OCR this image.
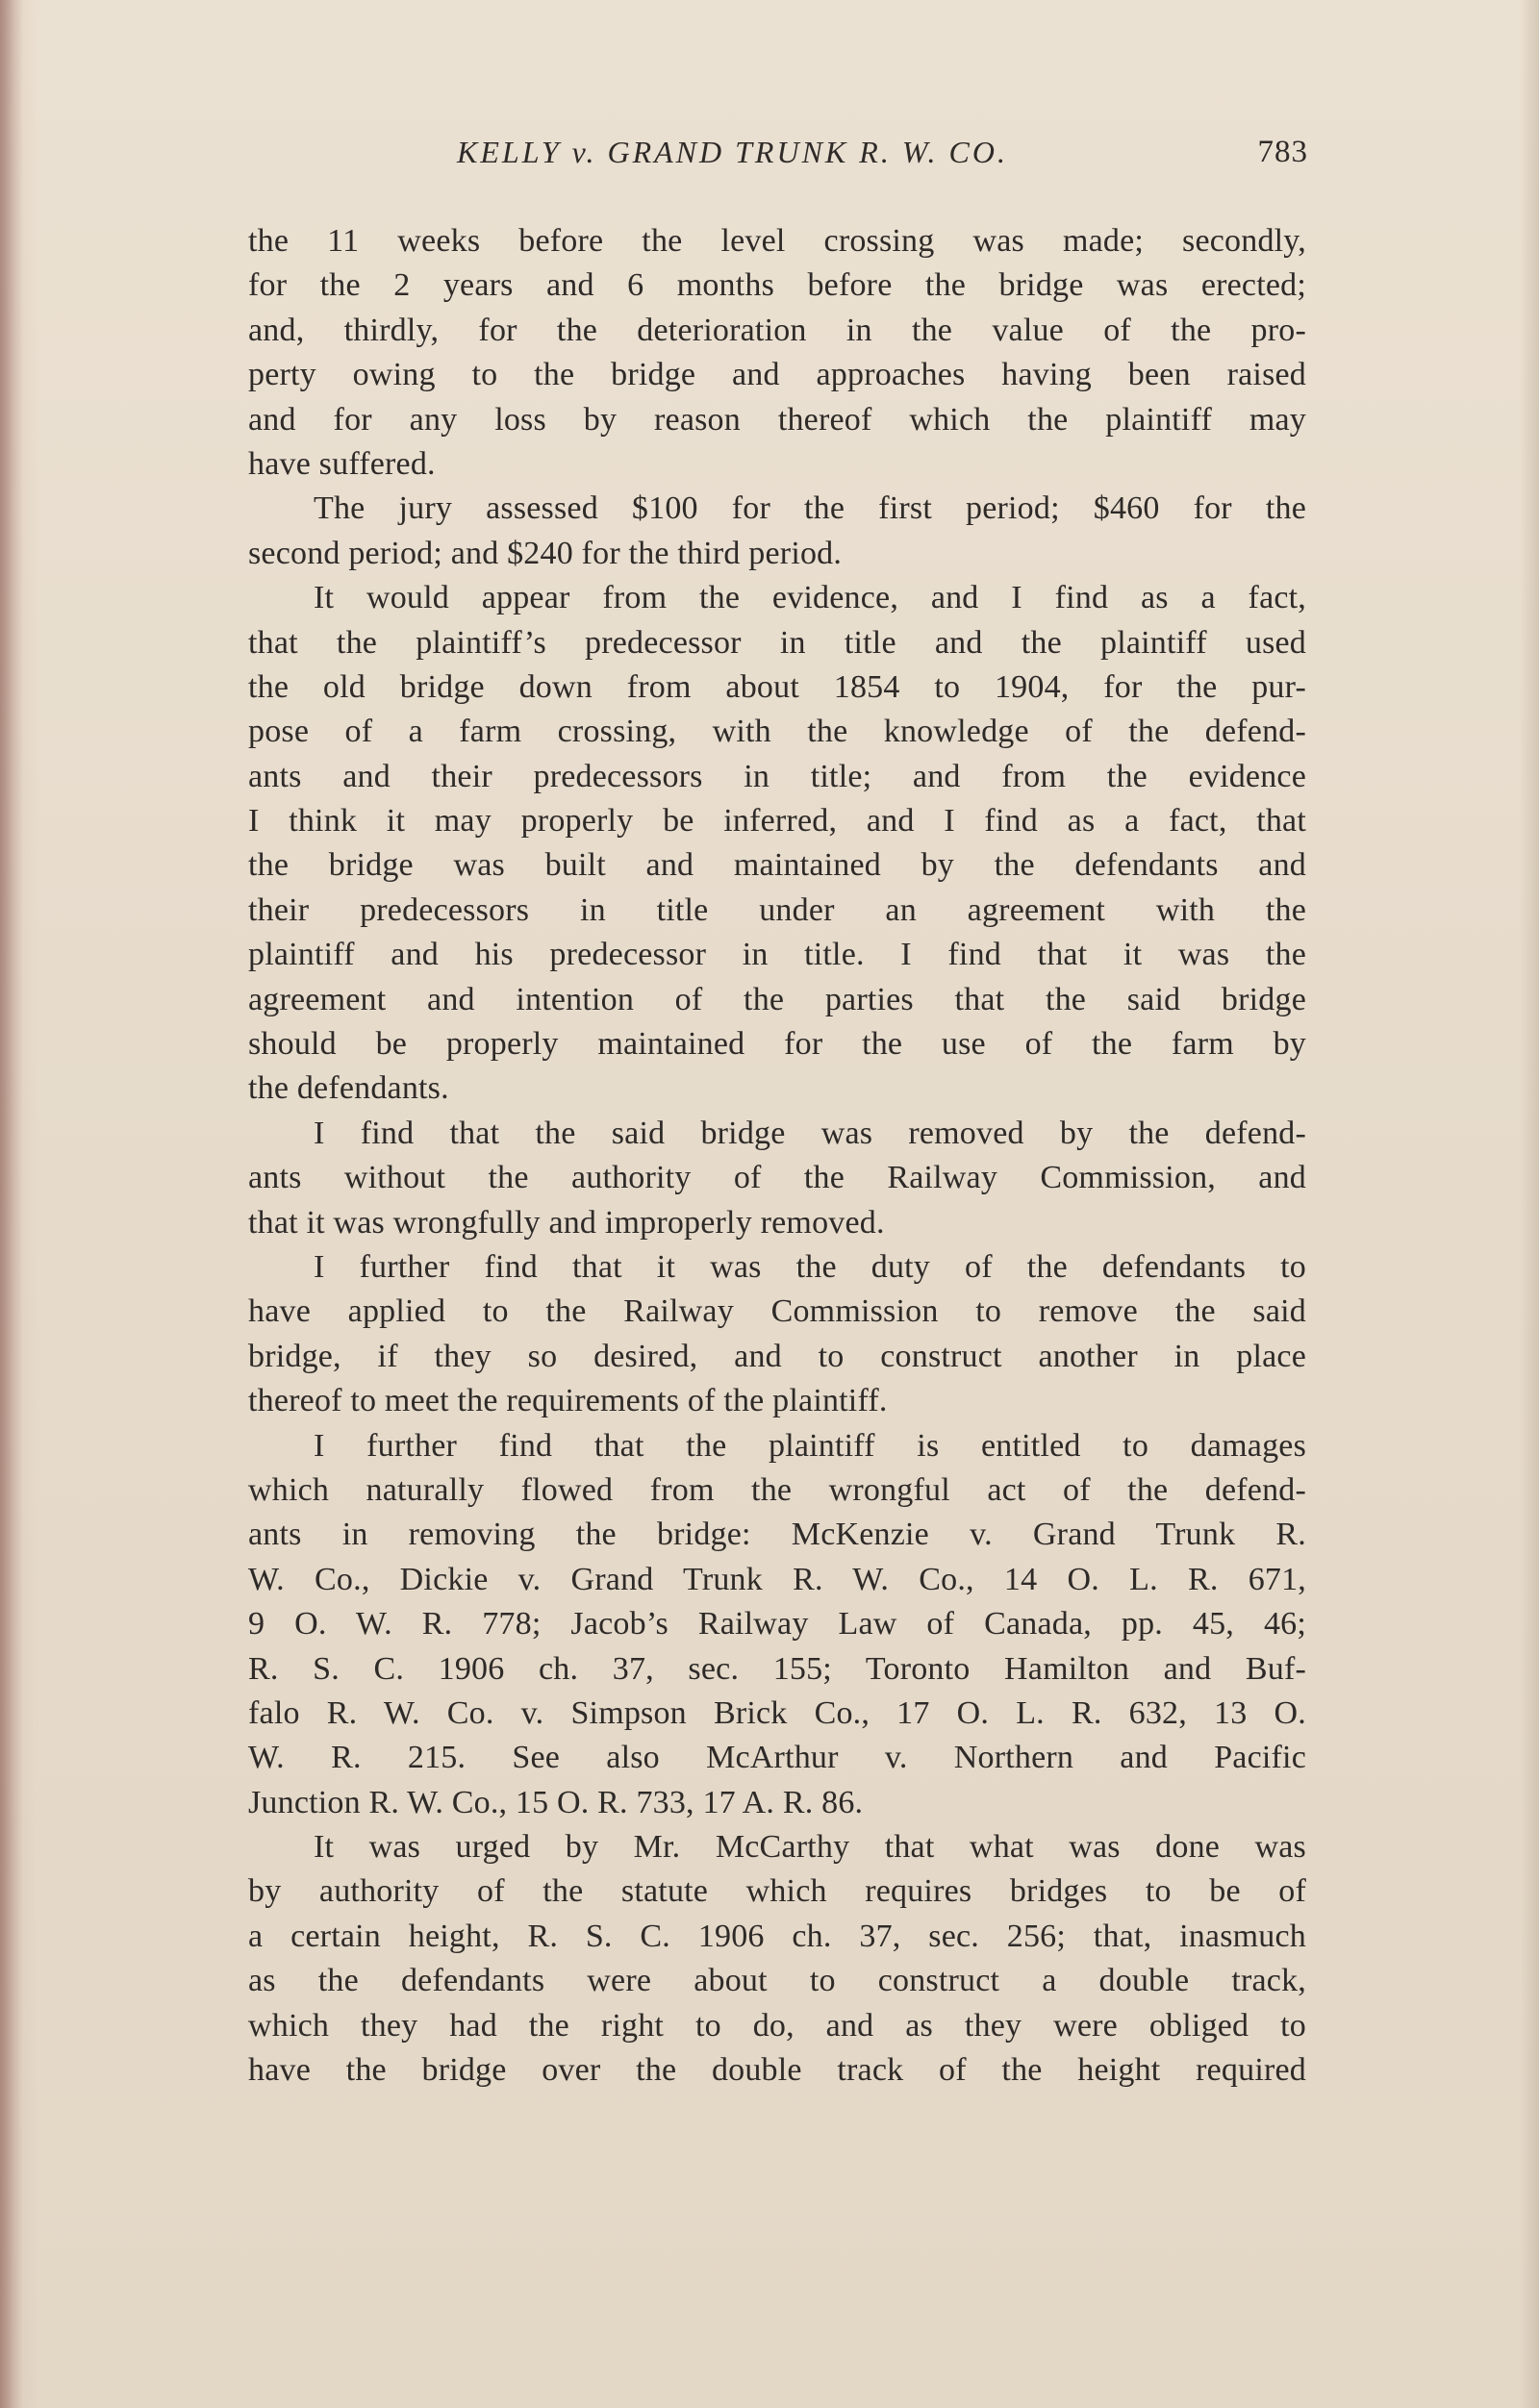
KELLY v. GRAND TRUNK R. W. CO.	783
the 11 weeks before the level crossing was made; secondly,
for the 2 years and 6 months before the bridge was erected;
and, thirdly, for the deterioration in the value of the pro-
perty owing to the bridge and approaches having been raised
and for any loss by reason thereof which the plaintiff may
have suffered.
The jury assessed $100 for the first period; $460 for the
second period; and $240 for the third period.
It would appear from the evidence, and I find as a fact,
that the plaintiff’s predecessor in title and the plaintiff used
the old bridge down from about 1854 to 1904, for the pur-
pose of a farm crossing, with the knowledge of the defend-
ants and their predecessors in title; and from the evidence
I think it may properly be inferred, and I find as a fact, that
the bridge was built and maintained by the defendants and
their predecessors in title under an agreement with the
plaintiff and his predecessor in title. I find that it was the
agreement and intention of the parties that the said bridge
should be properly maintained for the use of the farm by
the defendants.
I find that the said bridge was removed by the defend-
ants without the authority of the Railway Commission, and
that it was wrongfully and improperly removed.
I further find that it was the duty of the defendants to
have applied to the Railway Commission to remove the said
bridge, if they so desired, and to construct another in place
thereof to meet the requirements of the plaintiff.
I further find that the plaintiff is entitled to damages
which naturally flowed from the wrongful act of the defend-
ants in removing the bridge: McKenzie v. Grand Trunk R.
W. Co., Dickie v. Grand Trunk R. W. Co., 14 O. L. R. 671,
9 O. W. R. 778; Jacob’s Railway Law of Canada, pp. 45, 46;
R. S. C. 1906 ch. 37, sec. 155; Toronto Hamilton and Buf-
falo R. W. Co. v. Simpson Brick Co., 17 O. L. R. 632, 13 O.
W. R. 215. See also McArthur v. Northern and Pacific
Junction R. W. Co., 15 O. R. 733, 17 A. R. 86.
It was urged by Mr. McCarthy that what was done was
by authority of the statute which requires bridges to be of
a certain height, R. S. C. 1906 ch. 37, sec. 256; that, inasmuch
as the defendants were about to construct a double track,
which they had the right to do, and as they were obliged to
have the bridge over the double track of the height required
